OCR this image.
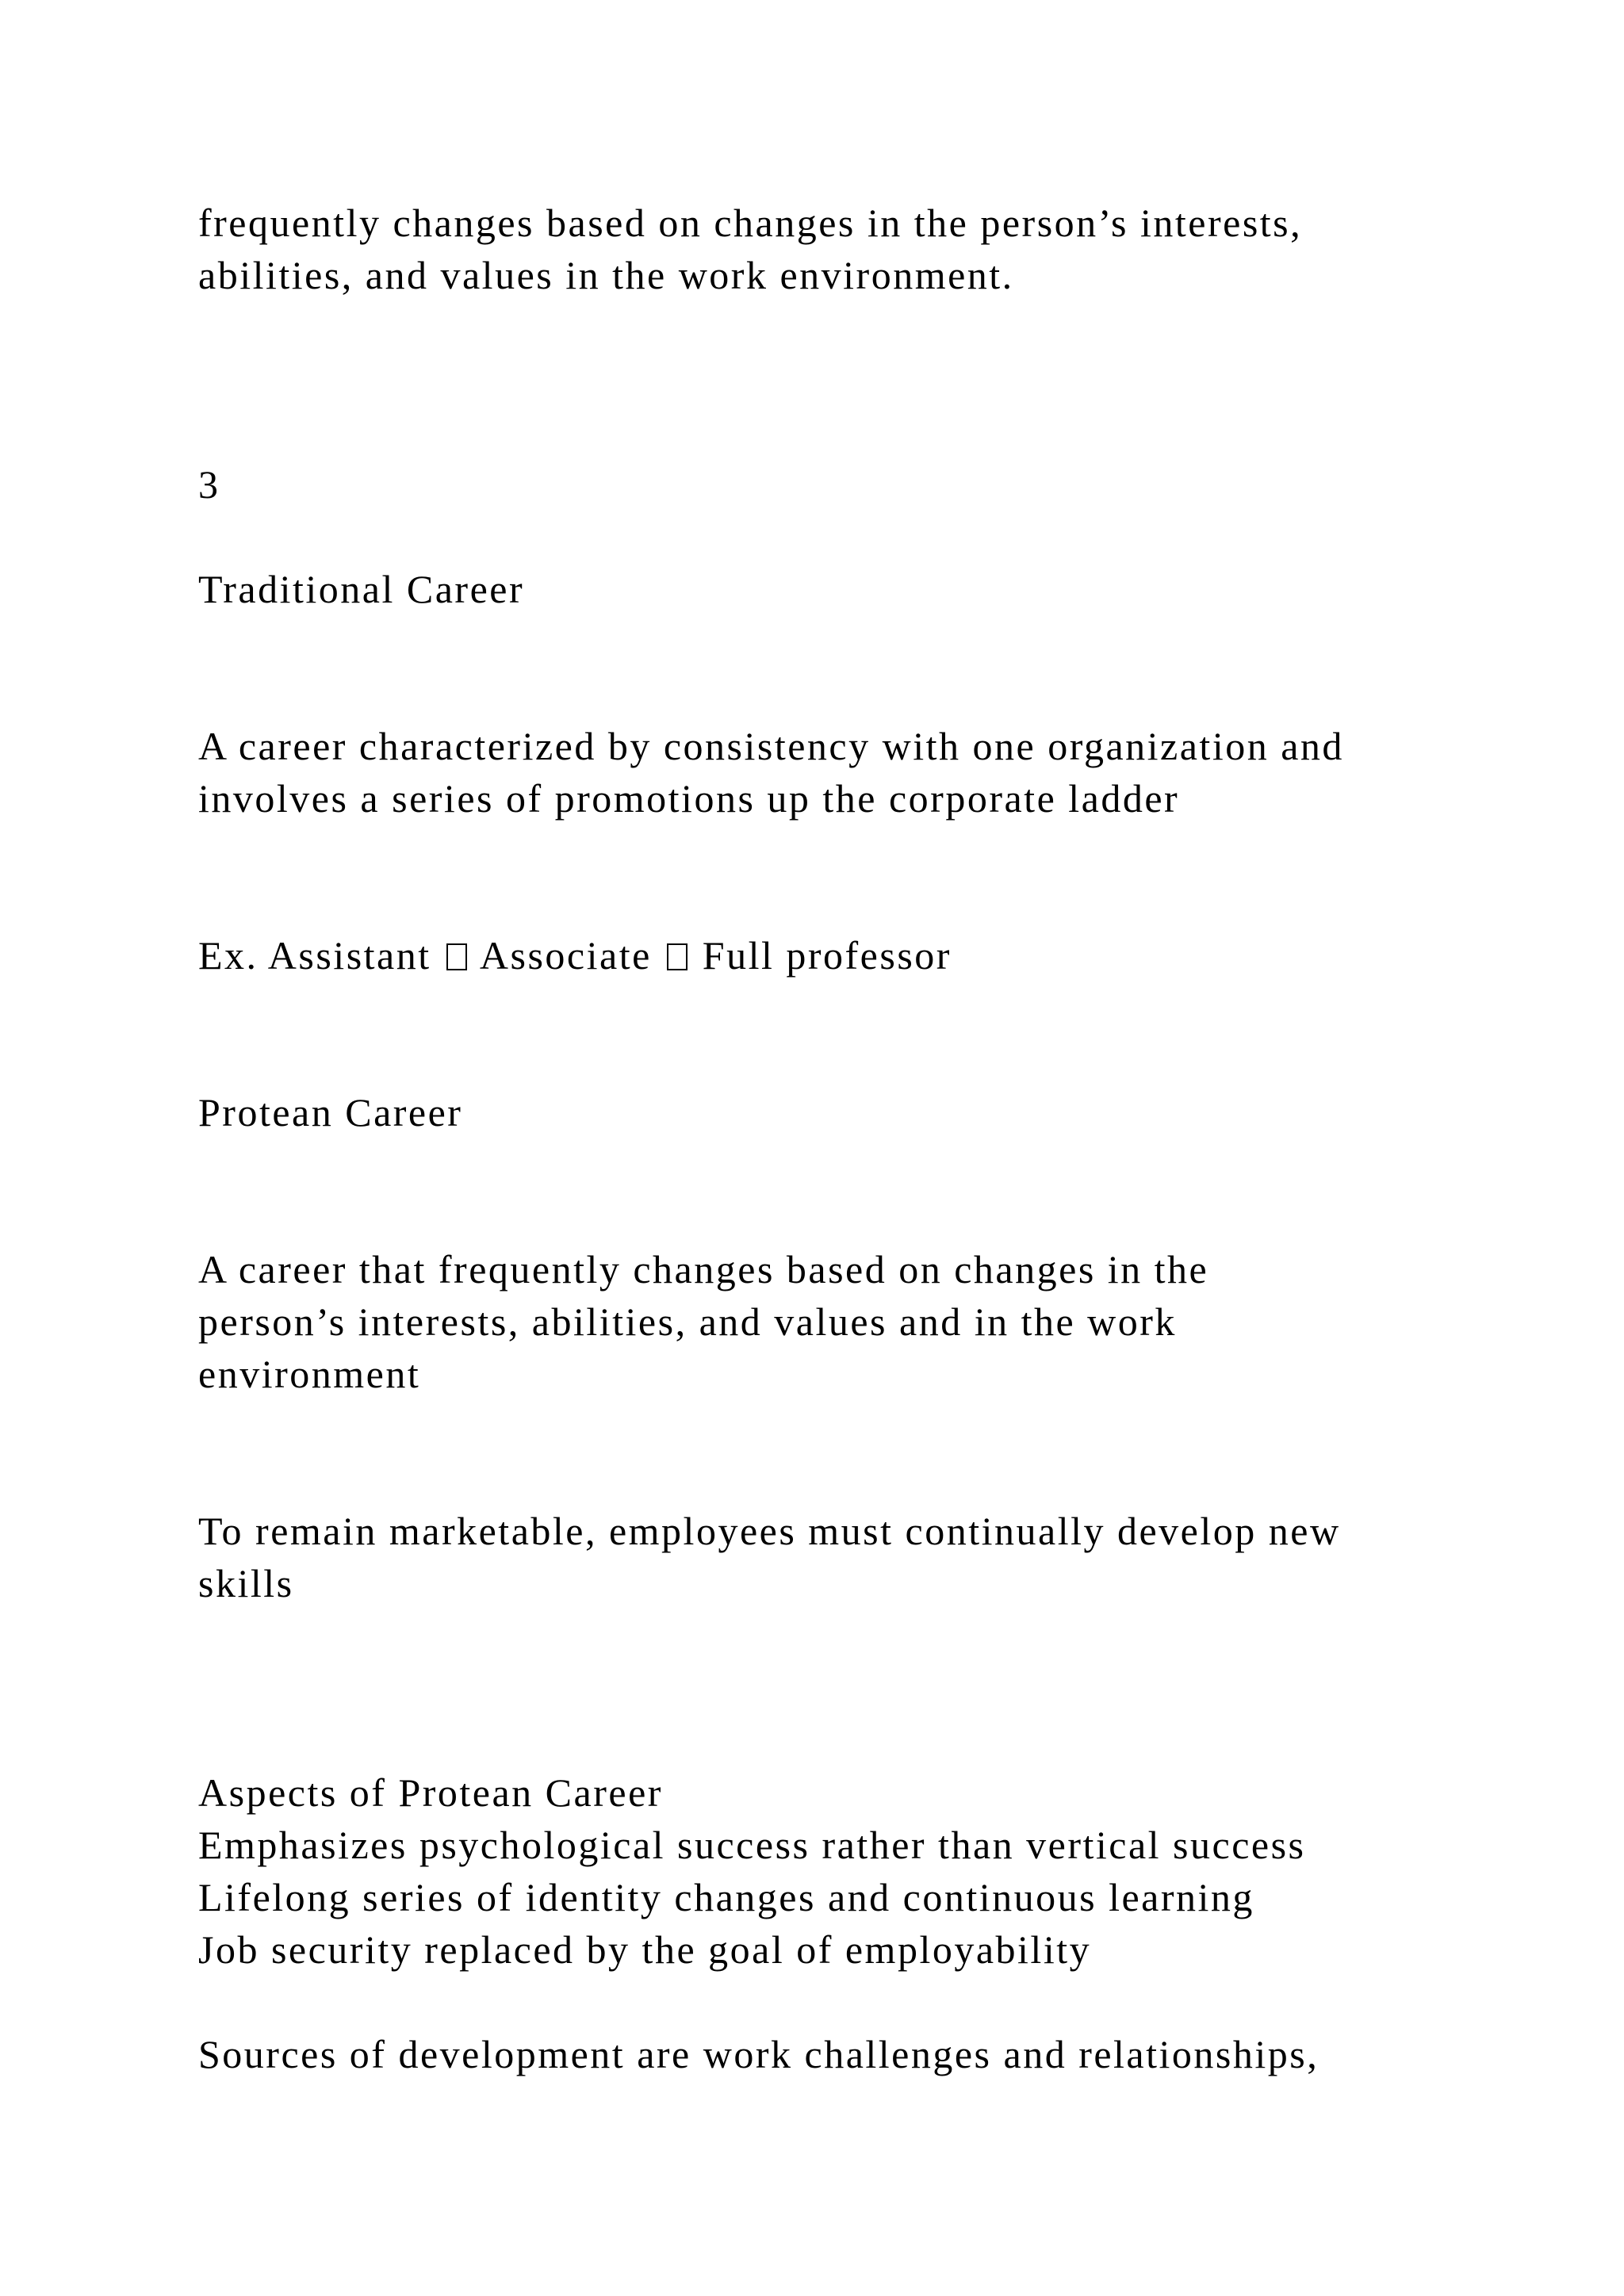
frequently changes based on changes in the person’s interests,
abilities, and values in the work environment.
3
Traditional Career
A career characterized by consistency with one organization and
involves a series of promotions up the corporate ladder
Ex. Assistant Associate Full professor
Protean Career
A career that frequently changes based on changes in the
person’s interests, abilities, and values and in the work
environment
To remain marketable, employees must continually develop new
skills
Aspects of Protean Career
Emphasizes psychological success rather than vertical success
Lifelong series of identity changes and continuous learning
Job security replaced by the goal of employability
Sources of development are work challenges and relationships,
